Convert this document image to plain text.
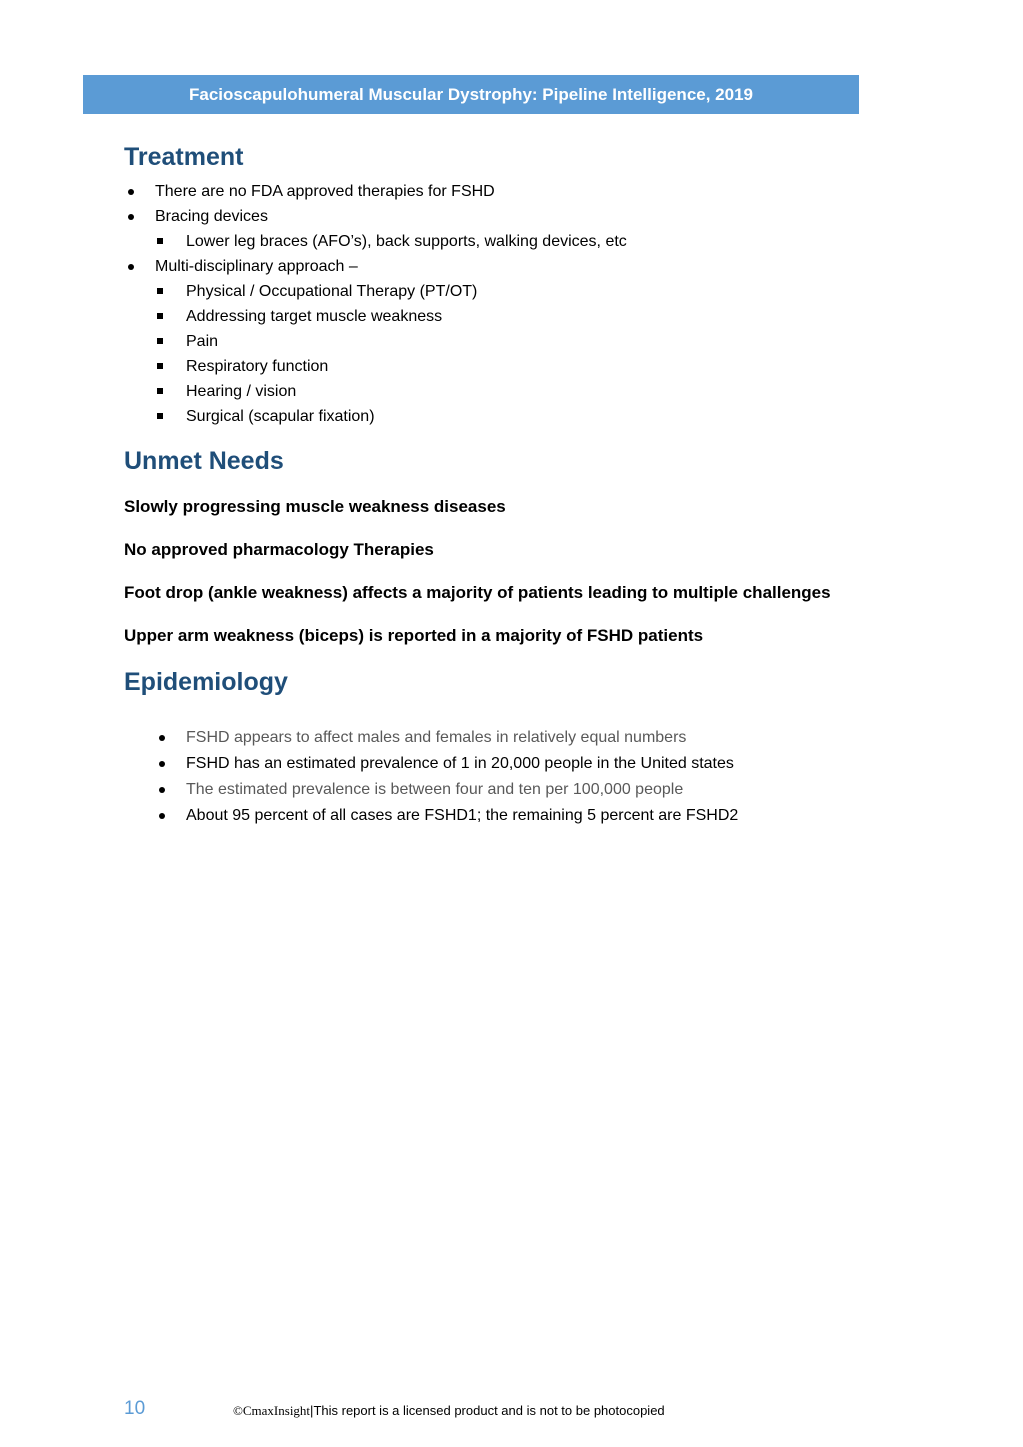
Facioscapulohumeral Muscular Dystrophy: Pipeline Intelligence, 2019
Treatment
There are no FDA approved therapies for FSHD
Bracing devices
Lower leg braces (AFO’s), back supports, walking devices, etc
Multi-disciplinary approach –
Physical / Occupational Therapy (PT/OT)
Addressing target muscle weakness
Pain
Respiratory function
Hearing / vision
Surgical (scapular fixation)
Unmet Needs

Slowly progressing muscle weakness diseases

No approved pharmacology Therapies

Foot drop (ankle weakness) affects a majority of patients leading to multiple challenges

Upper arm weakness (biceps) is reported in a majority of FSHD patients

Epidemiology
FSHD appears to affect males and females in relatively equal numbers
FSHD has an estimated prevalence of 1 in 20,000 people in the United states
The estimated prevalence is between four and ten per 100,000 people
About 95 percent of all cases are FSHD1; the remaining 5 percent are FSHD2
10	©CmaxInsight|This report is a licensed product and is not to be photocopied
